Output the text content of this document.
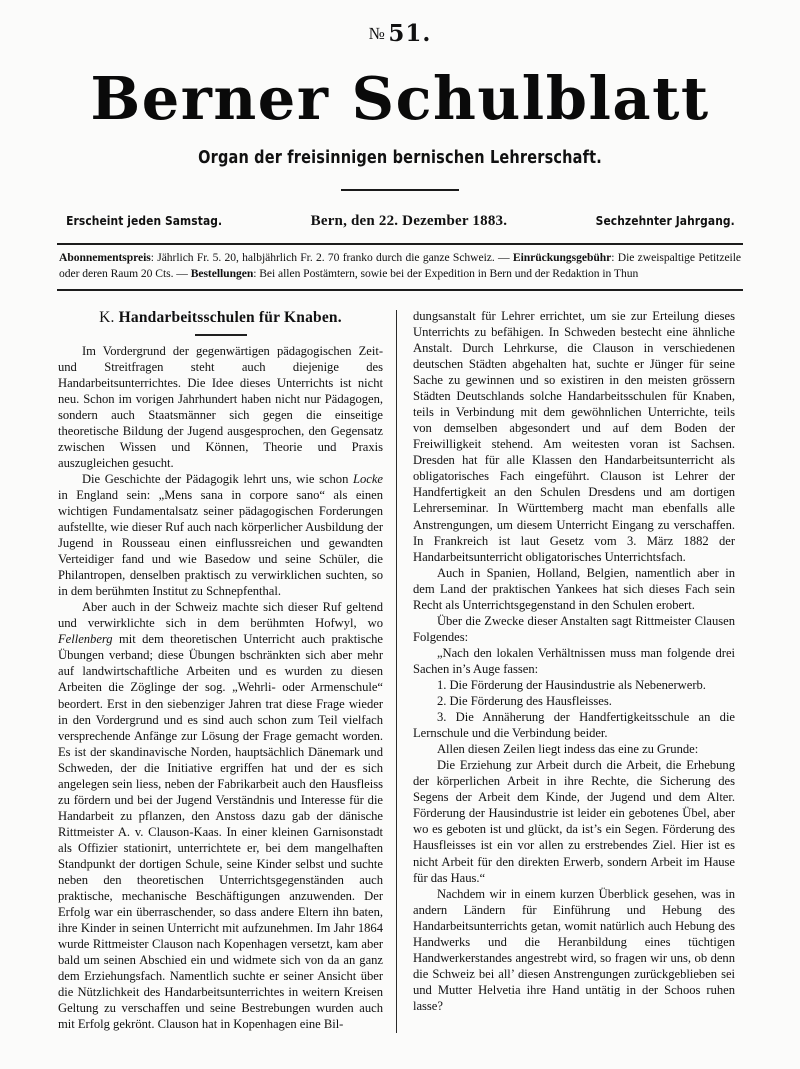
№ 51.
Berner Schulblatt
Organ der freisinnigen bernischen Lehrerschaft.
Erscheint jeden Samstag.	Bern, den 22. Dezember 1883.	Sechzehnter Jahrgang.

Abonnementspreis: Jährlich Fr. 5. 20, halbjährlich Fr. 2. 70 franko durch die ganze Schweiz. — Einrückungsgebühr: Die zweispaltige Petitzeile oder deren Raum 20 Cts. — Bestellungen: Bei allen Postämtern, sowie bei der Expedition in Bern und der Redaktion in Thun

K. Handarbeitsschulen für Knaben.

Im Vordergrund der gegenwärtigen pädagogischen Zeit- und Streitfragen steht auch diejenige des Handarbeitsunterrichtes. Die Idee dieses Unterrichts ist nicht neu. Schon im vorigen Jahrhundert haben nicht nur Pädagogen, sondern auch Staatsmänner sich gegen die einseitige theoretische Bildung der Jugend ausgesprochen, den Gegensatz zwischen Wissen und Können, Theorie und Praxis auszugleichen gesucht.

Die Geschichte der Pädagogik lehrt uns, wie schon Locke in England sein: „Mens sana in corpore sano“ als einen wichtigen Fundamentalsatz seiner pädagogischen Forderungen aufstellte, wie dieser Ruf auch nach körperlicher Ausbildung der Jugend in Rousseau einen einflussreichen und gewandten Verteidiger fand und wie Basedow und seine Schüler, die Philantropen, denselben praktisch zu verwirklichen suchten, so in dem berühmten Institut zu Schnepfenthal.

Aber auch in der Schweiz machte sich dieser Ruf geltend und verwirklichte sich in dem berühmten Hofwyl, wo Fellenberg mit dem theoretischen Unterricht auch praktische Übungen verband; diese Übungen bschränkten sich aber mehr auf landwirtschaftliche Arbeiten und es wurden zu diesen Arbeiten die Zöglinge der sog. „Wehrli- oder Armenschule“ beordert. Erst in den siebenziger Jahren trat diese Frage wieder in den Vordergrund und es sind auch schon zum Teil vielfach versprechende Anfänge zur Lösung der Frage gemacht worden. Es ist der skandinavische Norden, hauptsächlich Dänemark und Schweden, der die Initiative ergriffen hat und der es sich angelegen sein liess, neben der Fabrikarbeit auch den Hausfleiss zu fördern und bei der Jugend Verständnis und Interesse für die Handarbeit zu pflanzen, den Anstoss dazu gab der dänische Rittmeister A. v. Clauson-Kaas. In einer kleinen Garnisonstadt als Offizier stationirt, unterrichtete er, bei dem mangelhaften Standpunkt der dortigen Schule, seine Kinder selbst und suchte neben den theoretischen Unterrichtsgegenständen auch praktische, mechanische Beschäftigungen anzuwenden. Der Erfolg war ein überraschender, so dass andere Eltern ihn baten, ihre Kinder in seinen Unterricht mit aufzunehmen. Im Jahr 1864 wurde Rittmeister Clauson nach Kopenhagen versetzt, kam aber bald um seinen Abschied ein und widmete sich von da an ganz dem Erziehungsfach. Namentlich suchte er seiner Ansicht über die Nützlichkeit des Handarbeitsunterrichtes in weitern Kreisen Geltung zu verschaffen und seine Bestrebungen wurden auch mit Erfolg gekrönt. Clauson hat in Kopenhagen eine Bil-

dungsanstalt für Lehrer errichtet, um sie zur Erteilung dieses Unterrichts zu befähigen. In Schweden bestecht eine ähnliche Anstalt. Durch Lehrkurse, die Clauson in verschiedenen deutschen Städten abgehalten hat, suchte er Jünger für seine Sache zu gewinnen und so existiren in den meisten grössern Städten Deutschlands solche Handarbeitsschulen für Knaben, teils in Verbindung mit dem gewöhnlichen Unterrichte, teils von demselben abgesondert und auf dem Boden der Freiwilligkeit stehend. Am weitesten voran ist Sachsen. Dresden hat für alle Klassen den Handarbeitsunterricht als obligatorisches Fach eingeführt. Clauson ist Lehrer der Handfertigkeit an den Schulen Dresdens und am dortigen Lehrerseminar. In Württemberg macht man ebenfalls alle Anstrengungen, um diesem Unterricht Eingang zu verschaffen. In Frankreich ist laut Gesetz vom 3. März 1882 der Handarbeitsunterricht obligatorisches Unterrichtsfach.

Auch in Spanien, Holland, Belgien, namentlich aber in dem Land der praktischen Yankees hat sich dieses Fach sein Recht als Unterrichtsgegenstand in den Schulen erobert.

Über die Zwecke dieser Anstalten sagt Rittmeister Clausen Folgendes:

„Nach den lokalen Verhältnissen muss man folgende drei Sachen in’s Auge fassen:

1. Die Förderung der Hausindustrie als Nebenerwerb.

2. Die Förderung des Hausfleisses.

3. Die Annäherung der Handfertigkeitsschule an die Lernschule und die Verbindung beider.

Allen diesen Zeilen liegt indess das eine zu Grunde:

Die Erziehung zur Arbeit durch die Arbeit, die Erhebung der körperlichen Arbeit in ihre Rechte, die Sicherung des Segens der Arbeit dem Kinde, der Jugend und dem Alter. Förderung der Hausindustrie ist leider ein gebotenes Übel, aber wo es geboten ist und glückt, da ist’s ein Segen. Förderung des Hausfleisses ist ein vor allen zu erstrebendes Ziel. Hier ist es nicht Arbeit für den direkten Erwerb, sondern Arbeit im Hause für das Haus.“

Nachdem wir in einem kurzen Überblick gesehen, was in andern Ländern für Einführung und Hebung des Handarbeitsunterrichts getan, womit natürlich auch Hebung des Handwerks und die Heranbildung eines tüchtigen Handwerkerstandes angestrebt wird, so fragen wir uns, ob denn die Schweiz bei all’ diesen Anstrengungen zurückgeblieben sei und Mutter Helvetia ihre Hand untätig in der Schoos ruhen lasse?
